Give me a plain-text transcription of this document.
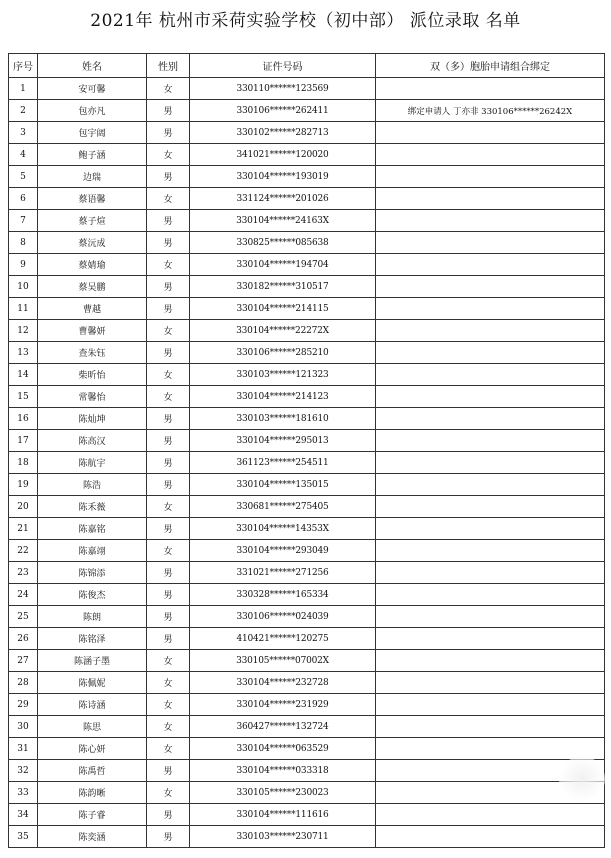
2021年 杭州市采荷实验学校（初中部） 派位录取 名单
序号	姓名	性别	证件号码	双（多）胞胎申请组合绑定
1	安可馨	女	330110******123569	
2	包亦凡	男	330106******262411	绑定申请人 丁亦非 330106******26242X
3	包宇阔	男	330102******282713	
4	鲍子涵	女	341021******120020	
5	边瑞	男	330104******193019	
6	蔡语馨	女	331124******201026	
7	蔡子煊	男	330104******24163X	
8	蔡沅成	男	330825******085638	
9	蔡婧瑜	女	330104******194704	
10	蔡吴鹏	男	330182******310517	
11	曹越	男	330104******214115	
12	曹馨妍	女	330104******22272X	
13	查朱钰	男	330106******285210	
14	柴昕怡	女	330103******121323	
15	常馨怡	女	330104******214123	
16	陈灿坤	男	330103******181610	
17	陈高汉	男	330104******295013	
18	陈航宇	男	361123******254511	
19	陈浩	男	330104******135015	
20	陈禾薇	女	330681******275405	
21	陈嘉铭	男	330104******14353X	
22	陈嘉翊	女	330104******293049	
23	陈锦添	男	331021******271256	
24	陈俊杰	男	330328******165334	
25	陈朗	男	330106******024039	
26	陈铭泽	男	410421******120275	
27	陈涵子墨	女	330105******07002X	
28	陈佩妮	女	330104******232728	
29	陈诗涵	女	330104******231929	
30	陈思	女	360427******132724	
31	陈心妍	女	330104******063529	
32	陈禹哲	男	330104******033318	
33	陈韵晰	女	330105******230023	
34	陈子睿	男	330104******111616	
35	陈奕涵	男	330103******230711	
